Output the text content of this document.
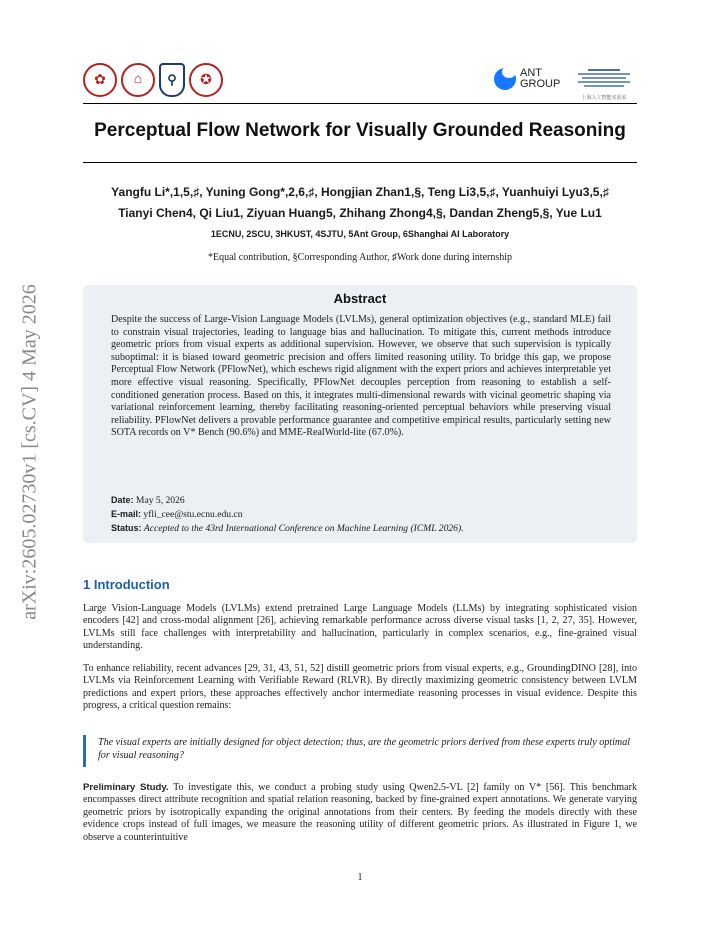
arXiv:2605.02730v1 [cs.CV] 4 May 2026
✿	⌂	⚲	✪	ANT
GROUP
上海人工智能实验室
Perceptual Flow Network for Visually Grounded Reasoning
Yangfu Li*,1,5,♯, Yuning Gong*,2,6,♯, Hongjian Zhan1,§, Teng Li3,5,♯, Yuanhuiyi Lyu3,5,♯
Tianyi Chen4, Qi Liu1, Ziyuan Huang5, Zhihang Zhong4,§, Dandan Zheng5,§, Yue Lu1
1ECNU, 2SCU, 3HKUST, 4SJTU, 5Ant Group, 6Shanghai AI Laboratory
*Equal contribution, §Corresponding Author, ♯Work done during internship
Abstract
Despite the success of Large-Vision Language Models (LVLMs), general optimization objectives (e.g., standard MLE) fail to constrain visual trajectories, leading to language bias and hallucination. To mitigate this, current methods introduce geometric priors from visual experts as additional supervision. However, we observe that such supervision is typically suboptimal: it is biased toward geometric precision and offers limited reasoning utility. To bridge this gap, we propose Perceptual Flow Network (PFlowNet), which eschews rigid alignment with the expert priors and achieves interpretable yet more effective visual reasoning. Specifically, PFlowNet decouples perception from reasoning to establish a self-conditioned generation process. Based on this, it integrates multi-dimensional rewards with vicinal geometric shaping via variational reinforcement learning, thereby facilitating reasoning-oriented perceptual behaviors while preserving visual reliability. PFlowNet delivers a provable performance guarantee and competitive empirical results, particularly setting new SOTA records on V* Bench (90.6%) and MME-RealWorld-lite (67.0%).
Date: May 5, 2026
E-mail: yfli_cee@stu.ecnu.edu.cn
Status: Accepted to the 43rd International Conference on Machine Learning (ICML 2026).
1 Introduction
Large Vision-Language Models (LVLMs) extend pretrained Large Language Models (LLMs) by integrating sophisticated vision encoders [42] and cross-modal alignment [26], achieving remarkable performance across diverse visual tasks [1, 2, 27, 35]. However, LVLMs still face challenges with interpretability and hallucination, particularly in complex scenarios, e.g., fine-grained visual understanding.
To enhance reliability, recent advances [29, 31, 43, 51, 52] distill geometric priors from visual experts, e.g., GroundingDINO [28], into LVLMs via Reinforcement Learning with Verifiable Reward (RLVR). By directly maximizing geometric consistency between LVLM predictions and expert priors, these approaches effectively anchor intermediate reasoning processes in visual evidence. Despite this progress, a critical question remains:
The visual experts are initially designed for object detection; thus, are the geometric priors derived from these experts truly optimal for visual reasoning?
Preliminary Study. To investigate this, we conduct a probing study using Qwen2.5-VL [2] family on V* [56]. This benchmark encompasses direct attribute recognition and spatial relation reasoning, backed by fine-grained expert annotations. We generate varying geometric priors by isotropically expanding the original annotations from their centers. By feeding the models directly with these evidence crops instead of full images, we measure the reasoning utility of different geometric priors. As illustrated in Figure 1, we observe a counterintuitive
1
